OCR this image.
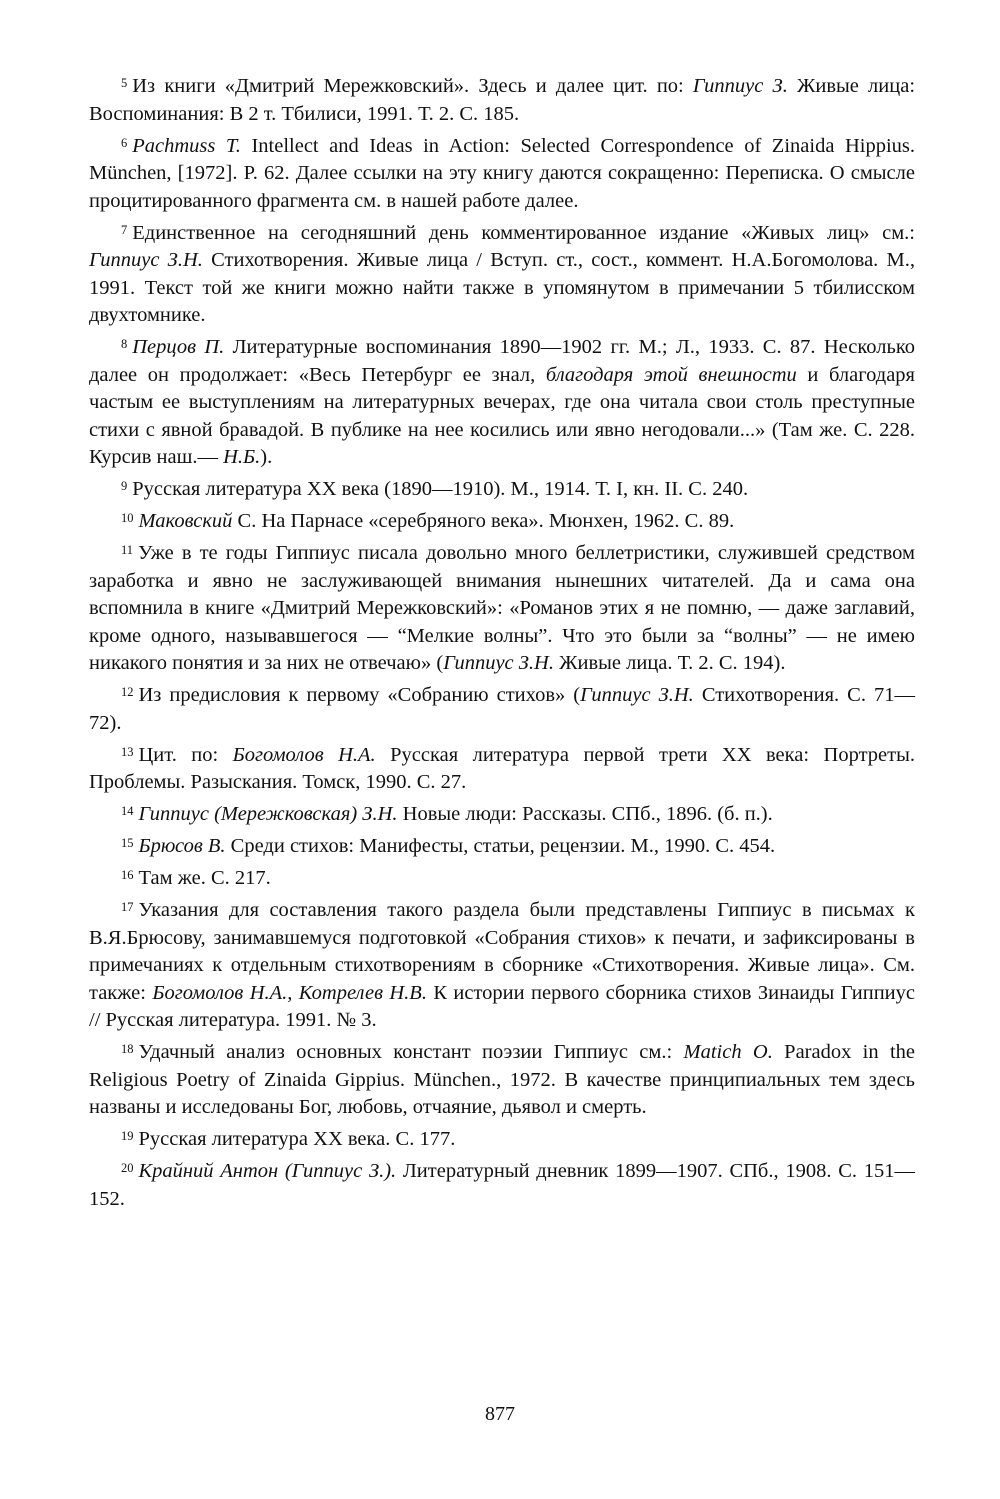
$^5$ Из книги «Дмитрий Мережковский». Здесь и далее цит. по: Гиппиус З. Живые лица: Воспоминания: В 2 т. Тбилиси, 1991. Т. 2. С. 185.

$^6$ Pachmuss T. Intellect and Ideas in Action: Selected Correspondence of Zinaida Hippius. München, [1972]. P. 62. Далее ссылки на эту книгу даются сокращенно: Переписка. О смысле процитированного фрагмента см. в нашей работе далее.

$^7$ Единственное на сегодняшний день комментированное издание «Живых лиц» см.: Гиппиус З.Н. Стихотворения. Живые лица / Вступ. ст., сост., коммент. Н.А.Богомолова. М., 1991. Текст той же книги можно найти также в упомянутом в примечании 5 тбилисском двухтомнике.

$^8$ Перцов П. Литературные воспоминания 1890—1902 гг. М.; Л., 1933. С. 87. Несколько далее он продолжает: «Весь Петербург ее знал, благодаря этой внешности и благодаря частым ее выступлениям на литературных вечерах, где она читала свои столь преступные стихи с явной бравадой. В публике на нее косились или явно негодовали...» (Там же. С. 228. Курсив наш.— Н.Б.).

$^9$ Русская литература XX века (1890—1910). М., 1914. Т. I, кн. II. С. 240.

$^{10}$ Маковский С. На Парнасе «серебряного века». Мюнхен, 1962. С. 89.

$^{11}$ Уже в те годы Гиппиус писала довольно много беллетристики, служившей средством заработка и явно не заслуживающей внимания нынешних читателей. Да и сама она вспомнила в книге «Дмитрий Мережковский»: «Романов этих я не помню, — даже заглавий, кроме одного, называвшегося — “Мелкие волны”. Что это были за “волны” — не имею никакого понятия и за них не отвечаю» (Гиппиус З.Н. Живые лица. Т. 2. С. 194).

$^{12}$ Из предисловия к первому «Собранию стихов» (Гиппиус З.Н. Стихотворения. С. 71—72).

$^{13}$ Цит. по: Богомолов Н.А. Русская литература первой трети XX века: Портреты. Проблемы. Разыскания. Томск, 1990. С. 27.

$^{14}$ Гиппиус (Мережковская) З.Н. Новые люди: Рассказы. СПб., 1896. (б. п.).

$^{15}$ Брюсов В. Среди стихов: Манифесты, статьи, рецензии. М., 1990. С. 454.

$^{16}$ Там же. С. 217.

$^{17}$ Указания для составления такого раздела были представлены Гиппиус в письмах к В.Я.Брюсову, занимавшемуся подготовкой «Собрания стихов» к печати, и зафиксированы в примечаниях к отдельным стихотворениям в сборнике «Стихотворения. Живые лица». См. также: Богомолов Н.А., Котрелев Н.В. К истории первого сборника стихов Зинаиды Гиппиус // Русская литература. 1991. № 3.

$^{18}$ Удачный анализ основных констант поэзии Гиппиус см.: Matich O. Paradox in the Religious Poetry of Zinaida Gippius. München., 1972. В качестве принципиальных тем здесь названы и исследованы Бог, любовь, отчаяние, дьявол и смерть.

$^{19}$ Русская литература XX века. С. 177.

$^{20}$ Крайний Антон (Гиппиус З.). Литературный дневник 1899—1907. СПб., 1908. С. 151—152.

877
